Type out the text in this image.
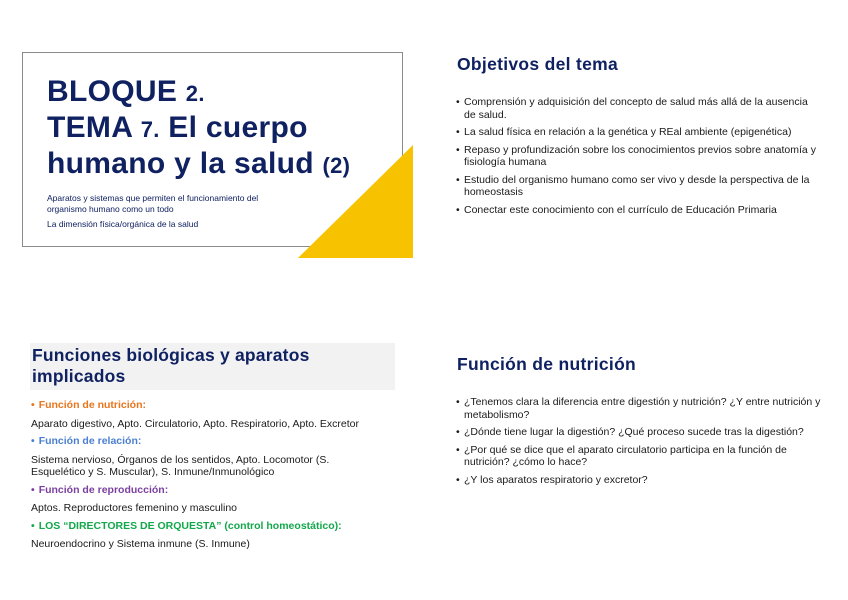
BLOQUE 2.
TEMA 7. El cuerpo
humano y la salud (2)

Aparatos y sistemas que permiten el funcionamiento del organismo humano como un todo

La dimensión física/orgánica de la salud

Objetivos del tema
• Comprensión y adquisición del concepto de salud más allá de la ausencia de salud.
• La salud física en relación a la genética y REal ambiente (epigenética)
• Repaso y profundización sobre los conocimientos previos sobre anatomía y fisiología humana
• Estudio del organismo humano como ser vivo y desde la perspectiva de la homeostasis
• Conectar este conocimiento con el currículo de Educación Primaria
Funciones biológicas y aparatos implicados
• Función de nutrición:
Aparato digestivo, Apto. Circulatorio, Apto. Respiratorio, Apto. Excretor
• Función de relación:
Sistema nervioso, Órganos de los sentidos, Apto. Locomotor (S. Esquelético y S. Muscular), S. Inmune/Inmunológico
• Función de reproducción:
Aptos. Reproductores femenino y masculino
• LOS “DIRECTORES DE ORQUESTA” (control homeostático):
Neuroendocrino y Sistema inmune (S. Inmune)
Función de nutrición
• ¿Tenemos clara la diferencia entre digestión y nutrición? ¿Y entre nutrición y metabolismo?
• ¿Dónde tiene lugar la digestión? ¿Qué proceso sucede tras la digestión?
• ¿Por qué se dice que el aparato circulatorio participa en la función de nutrición? ¿cómo lo hace?
• ¿Y los aparatos respiratorio y excretor?
